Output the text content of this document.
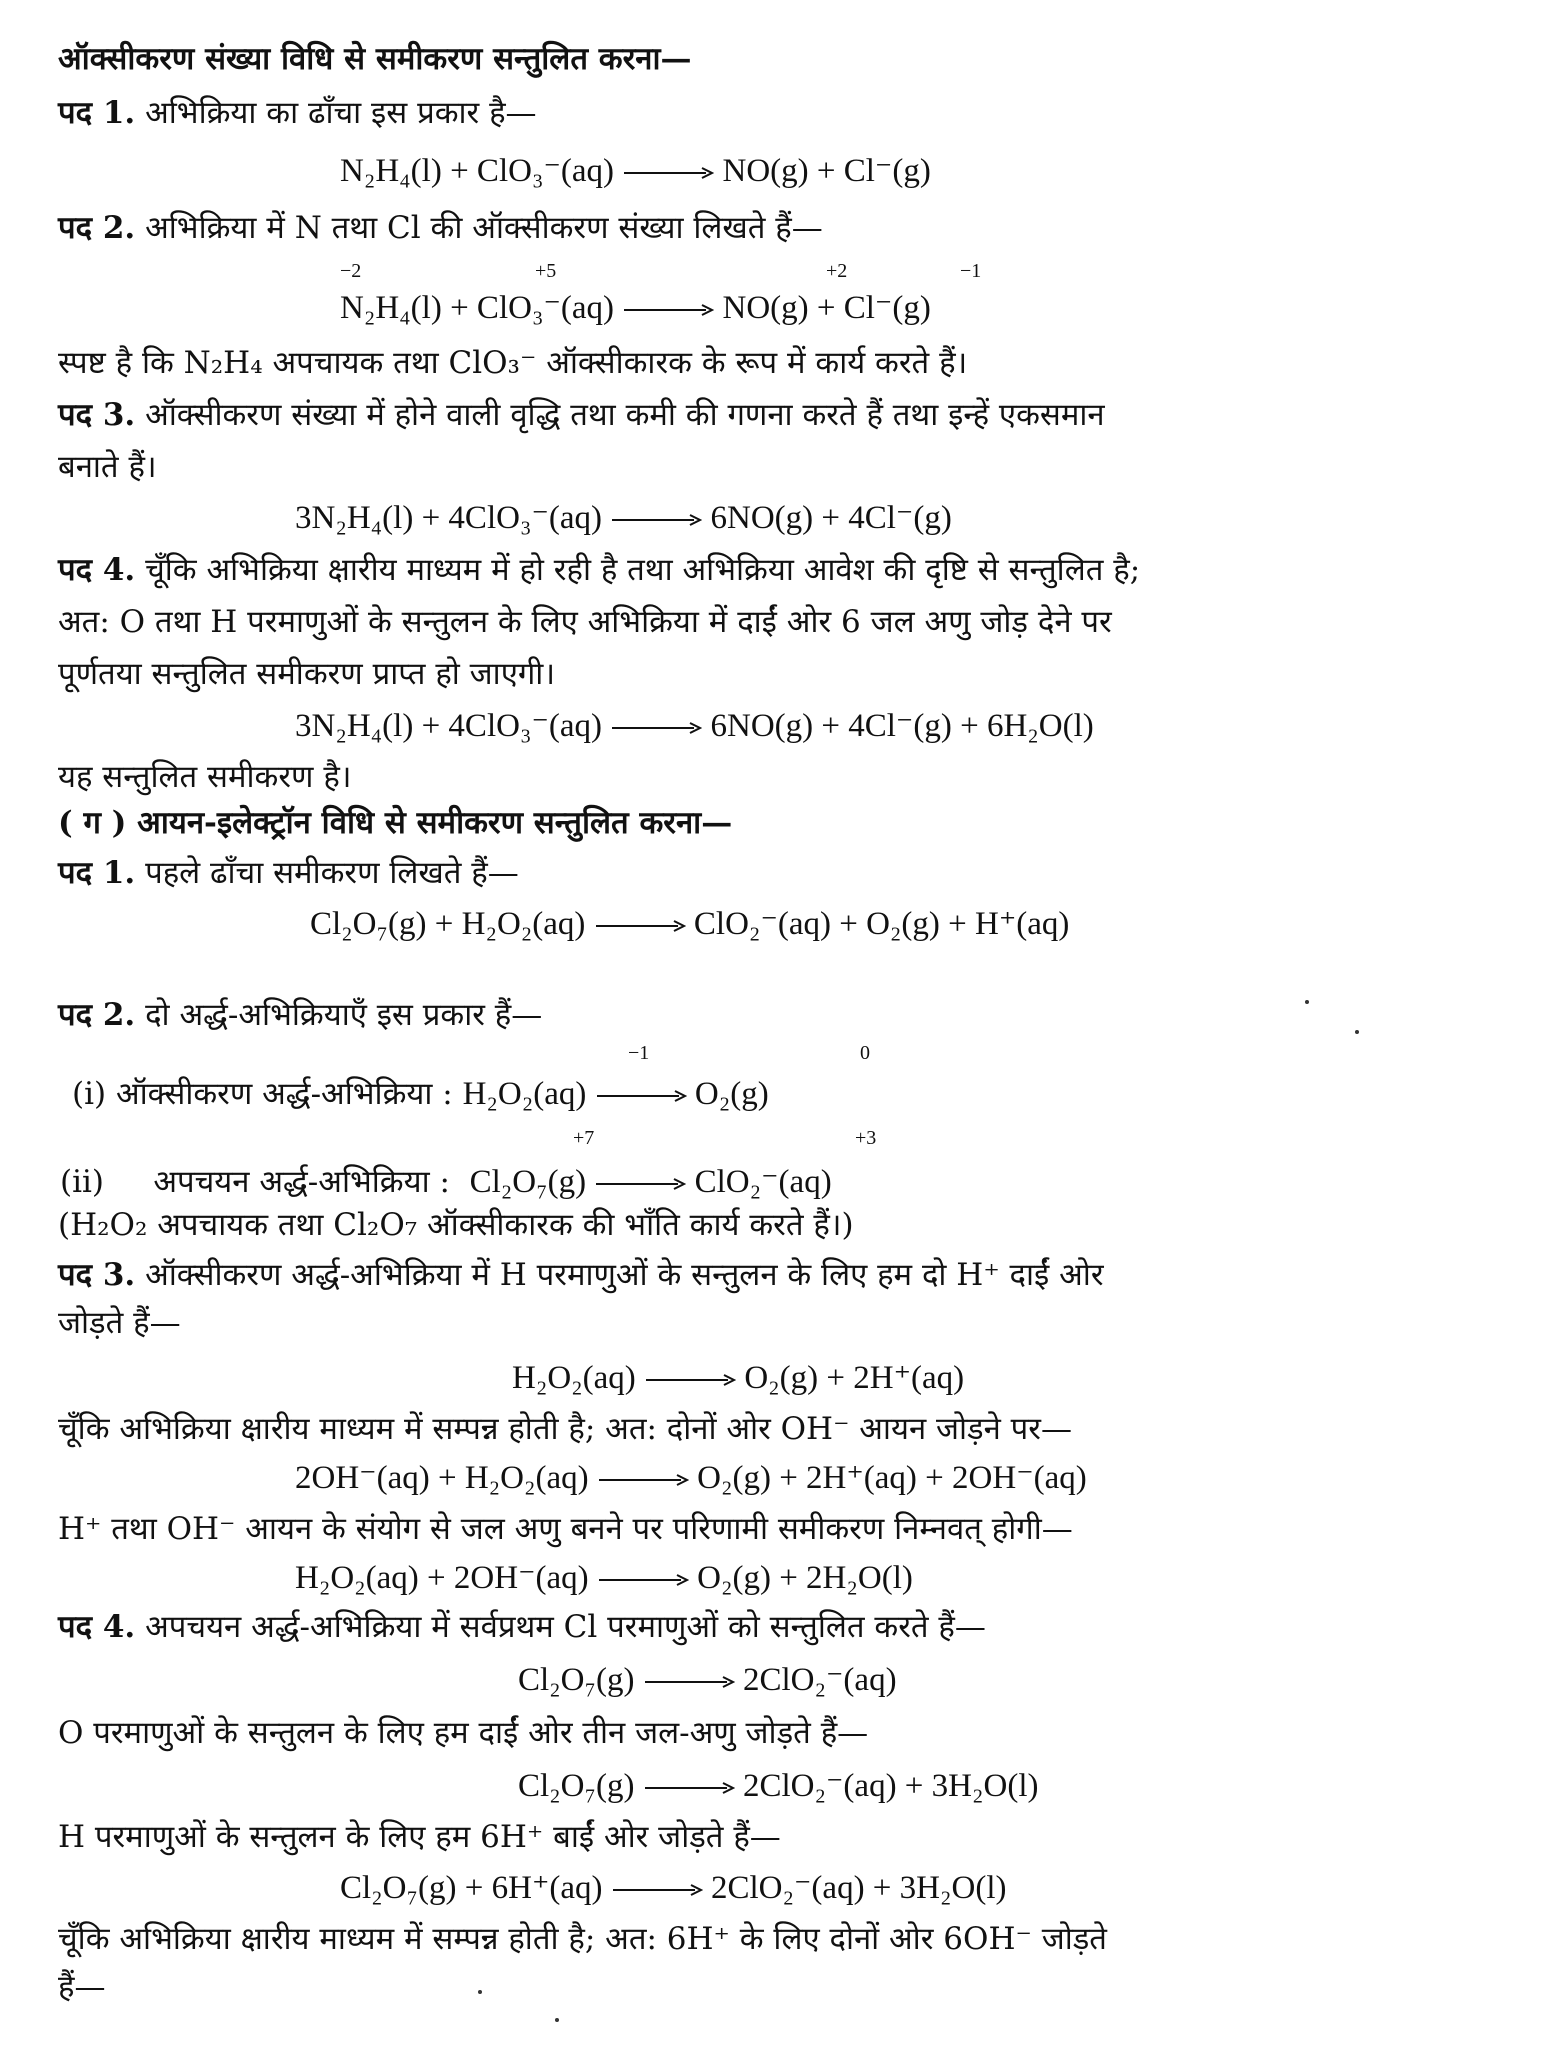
ऑक्सीकरण संख्या विधि से समीकरण सन्तुलित करना—
पद 1. अभिक्रिया का ढाँचा इस प्रकार है—
N₂H₄(l) + ClO₃⁻(aq) → NO(g) + Cl⁻(g)
पद 2. अभिक्रिया में N तथा Cl की ऑक्सीकरण संख्या लिखते हैं—
−2	+5	+2	−1
N₂H₄(l) + ClO₃⁻(aq) → NO(g) + Cl⁻(g)
स्पष्ट है कि N₂H₄ अपचायक तथा ClO₃⁻ ऑक्सीकारक के रूप में कार्य करते हैं।
पद 3. ऑक्सीकरण संख्या में होने वाली वृद्धि तथा कमी की गणना करते हैं तथा इन्हें एकसमान
बनाते हैं।
3N₂H₄(l) + 4ClO₃⁻(aq) → 6NO(g) + 4Cl⁻(g)
पद 4. चूँकि अभिक्रिया क्षारीय माध्यम में हो रही है तथा अभिक्रिया आवेश की दृष्टि से सन्तुलित है;
अत: O तथा H परमाणुओं के सन्तुलन के लिए अभिक्रिया में दाईं ओर 6 जल अणु जोड़ देने पर
पूर्णतया सन्तुलित समीकरण प्राप्त हो जाएगी।
3N₂H₄(l) + 4ClO₃⁻(aq) → 6NO(g) + 4Cl⁻(g) + 6H₂O(l)
यह सन्तुलित समीकरण है।
( ग ) आयन-इलेक्ट्रॉन विधि से समीकरण सन्तुलित करना—
पद 1. पहले ढाँचा समीकरण लिखते हैं—
Cl₂O₇(g) + H₂O₂(aq) → ClO₂⁻(aq) + O₂(g) + H⁺(aq)
पद 2. दो अर्द्ध-अभिक्रियाएँ इस प्रकार हैं—
−1	0
(i) ऑक्सीकरण अर्द्ध-अभिक्रिया : H₂O₂(aq) → O₂(g)
+7	+3
(ii) अपचयन अर्द्ध-अभिक्रिया : Cl₂O₇(g) → ClO₂⁻(aq)
(H₂O₂ अपचायक तथा Cl₂O₇ ऑक्सीकारक की भाँति कार्य करते हैं।)
पद 3. ऑक्सीकरण अर्द्ध-अभिक्रिया में H परमाणुओं के सन्तुलन के लिए हम दो H⁺ दाईं ओर
जोड़ते हैं—
H₂O₂(aq) → O₂(g) + 2H⁺(aq)
चूँकि अभिक्रिया क्षारीय माध्यम में सम्पन्न होती है; अत: दोनों ओर OH⁻ आयन जोड़ने पर—
2OH⁻(aq) + H₂O₂(aq) → O₂(g) + 2H⁺(aq) + 2OH⁻(aq)
H⁺ तथा OH⁻ आयन के संयोग से जल अणु बनने पर परिणामी समीकरण निम्नवत् होगी—
H₂O₂(aq) + 2OH⁻(aq) → O₂(g) + 2H₂O(l)
पद 4. अपचयन अर्द्ध-अभिक्रिया में सर्वप्रथम Cl परमाणुओं को सन्तुलित करते हैं—
Cl₂O₇(g) → 2ClO₂⁻(aq)
O परमाणुओं के सन्तुलन के लिए हम दाईं ओर तीन जल-अणु जोड़ते हैं—
Cl₂O₇(g) → 2ClO₂⁻(aq) + 3H₂O(l)
H परमाणुओं के सन्तुलन के लिए हम 6H⁺ बाईं ओर जोड़ते हैं—
Cl₂O₇(g) + 6H⁺(aq) → 2ClO₂⁻(aq) + 3H₂O(l)
चूँकि अभिक्रिया क्षारीय माध्यम में सम्पन्न होती है; अत: 6H⁺ के लिए दोनों ओर 6OH⁻ जोड़ते
हैं—
